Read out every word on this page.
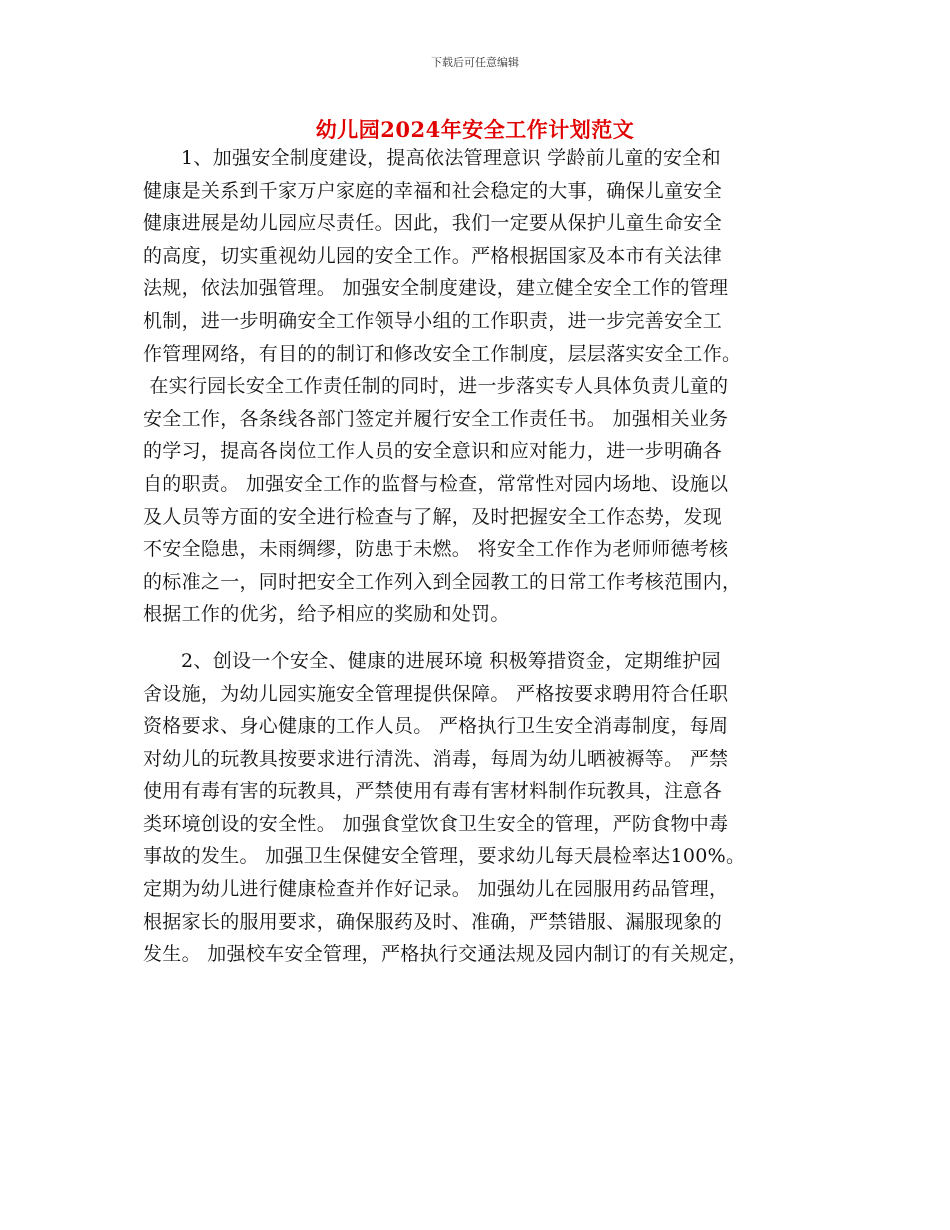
下载后可任意编辑
幼儿园2024年安全工作计划范文
1、加强安全制度建设，提高依法管理意识 学龄前儿童的安全和
健康是关系到千家万户家庭的幸福和社会稳定的大事，确保儿童安全
健康进展是幼儿园应尽责任。因此，我们一定要从保护儿童生命安全
的高度，切实重视幼儿园的安全工作。严格根据国家及本市有关法律
法规，依法加强管理。 加强安全制度建设，建立健全安全工作的管理
机制，进一步明确安全工作领导小组的工作职责，进一步完善安全工
作管理网络，有目的的制订和修改安全工作制度，层层落实安全工作。
在实行园长安全工作责任制的同时，进一步落实专人具体负责儿童的
安全工作，各条线各部门签定并履行安全工作责任书。 加强相关业务
的学习，提高各岗位工作人员的安全意识和应对能力，进一步明确各
自的职责。 加强安全工作的监督与检查，常常性对园内场地、设施以
及人员等方面的安全进行检查与了解，及时把握安全工作态势，发现
不安全隐患，未雨绸缪，防患于未燃。 将安全工作作为老师师德考核
的标准之一，同时把安全工作列入到全园教工的日常工作考核范围内，
根据工作的优劣，给予相应的奖励和处罚。
2、创设一个安全、健康的进展环境 积极筹措资金，定期维护园
舍设施，为幼儿园实施安全管理提供保障。 严格按要求聘用符合任职
资格要求、身心健康的工作人员。 严格执行卫生安全消毒制度，每周
对幼儿的玩教具按要求进行清洗、消毒，每周为幼儿晒被褥等。 严禁
使用有毒有害的玩教具，严禁使用有毒有害材料制作玩教具，注意各
类环境创设的安全性。 加强食堂饮食卫生安全的管理，严防食物中毒
事故的发生。 加强卫生保健安全管理，要求幼儿每天晨检率达100%。
定期为幼儿进行健康检查并作好记录。 加强幼儿在园服用药品管理，
根据家长的服用要求，确保服药及时、准确，严禁错服、漏服现象的
发生。 加强校车安全管理，严格执行交通法规及园内制订的有关规定，
